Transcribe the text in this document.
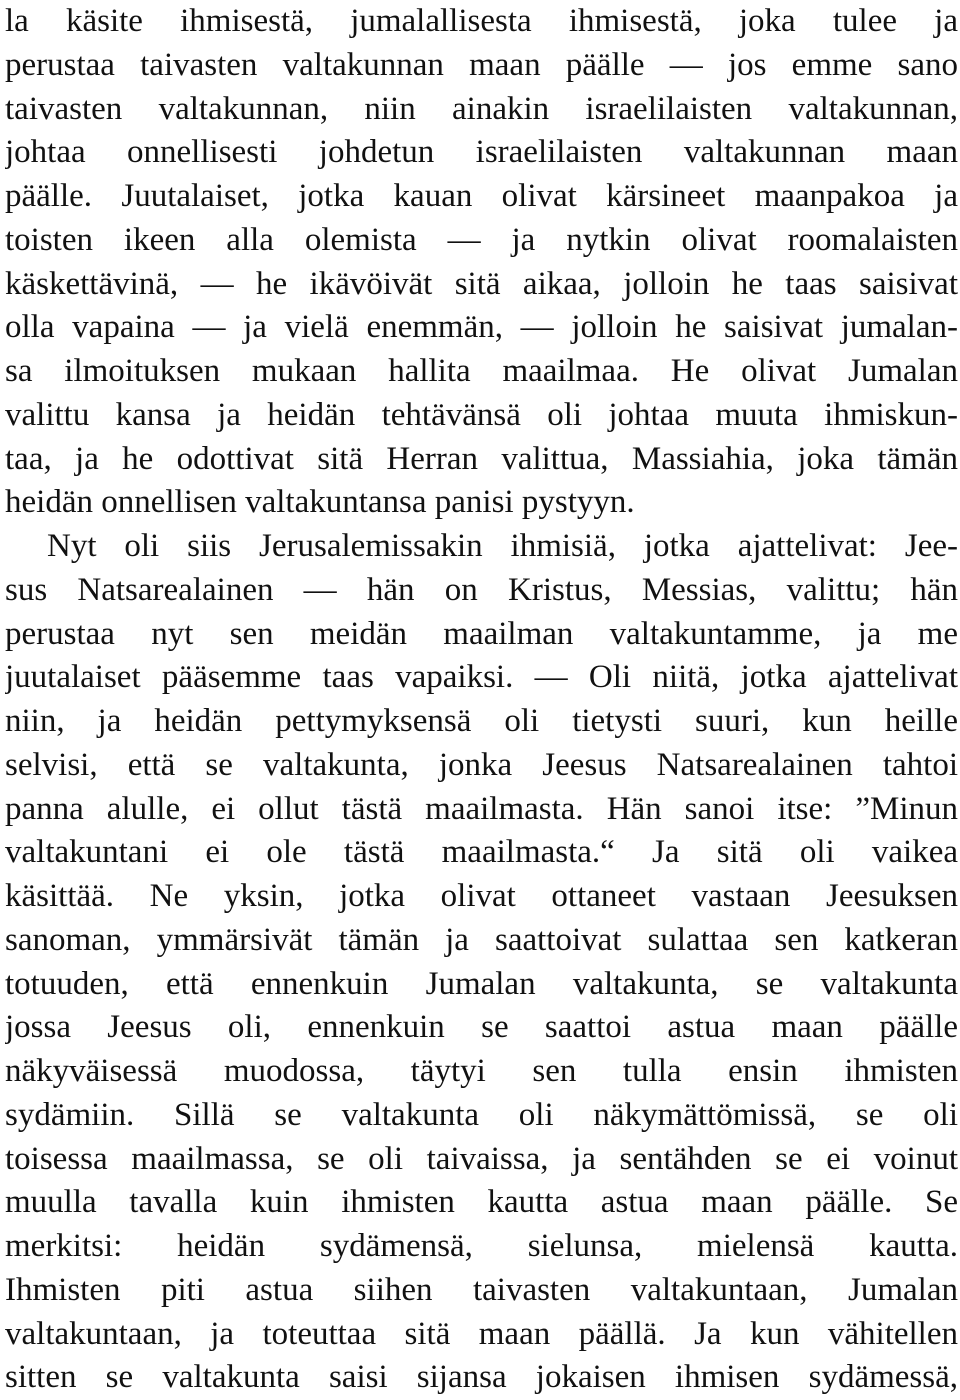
la käsite ihmisestä, jumalallisesta ihmisestä, joka tulee ja
perustaa taivasten valtakunnan maan päälle — jos emme sano
taivasten valtakunnan, niin ainakin israelilaisten valtakunnan,
johtaa onnellisesti johdetun israelilaisten valtakunnan maan
päälle. Juutalaiset, jotka kauan olivat kärsineet maanpakoa ja
toisten ikeen alla olemista — ja nytkin olivat roomalaisten
käskettävinä, — he ikävöivät sitä aikaa, jolloin he taas saisivat
olla vapaina — ja vielä enemmän, — jolloin he saisivat jumalan-
sa ilmoituksen mukaan hallita maailmaa. He olivat Jumalan
valittu kansa ja heidän tehtävänsä oli johtaa muuta ihmiskun-
taa, ja he odottivat sitä Herran valittua, Massiahia, joka tämän
heidän onnellisen valtakuntansa panisi pystyyn.
Nyt oli siis Jerusalemissakin ihmisiä, jotka ajattelivat: Jee-
sus Natsarealainen — hän on Kristus, Messias, valittu; hän
perustaa nyt sen meidän maailman valtakuntamme, ja me
juutalaiset pääsemme taas vapaiksi. — Oli niitä, jotka ajattelivat
niin, ja heidän pettymyksensä oli tietysti suuri, kun heille
selvisi, että se valtakunta, jonka Jeesus Natsarealainen tahtoi
panna alulle, ei ollut tästä maailmasta. Hän sanoi itse: ”Minun
valtakuntani ei ole tästä maailmasta.“ Ja sitä oli vaikea
käsittää. Ne yksin, jotka olivat ottaneet vastaan Jeesuksen
sanoman, ymmärsivät tämän ja saattoivat sulattaa sen katkeran
totuuden, että ennenkuin Jumalan valtakunta, se valtakunta
jossa Jeesus oli, ennenkuin se saattoi astua maan päälle
näkyväisessä muodossa, täytyi sen tulla ensin ihmisten
sydämiin. Sillä se valtakunta oli näkymättömissä, se oli
toisessa maailmassa, se oli taivaissa, ja sentähden se ei voinut
muulla tavalla kuin ihmisten kautta astua maan päälle. Se
merkitsi: heidän sydämensä, sielunsa, mielensä kautta.
Ihmisten piti astua siihen taivasten valtakuntaan, Jumalan
valtakuntaan, ja toteuttaa sitä maan päällä. Ja kun vähitellen
sitten se valtakunta saisi sijansa jokaisen ihmisen sydämessä,
